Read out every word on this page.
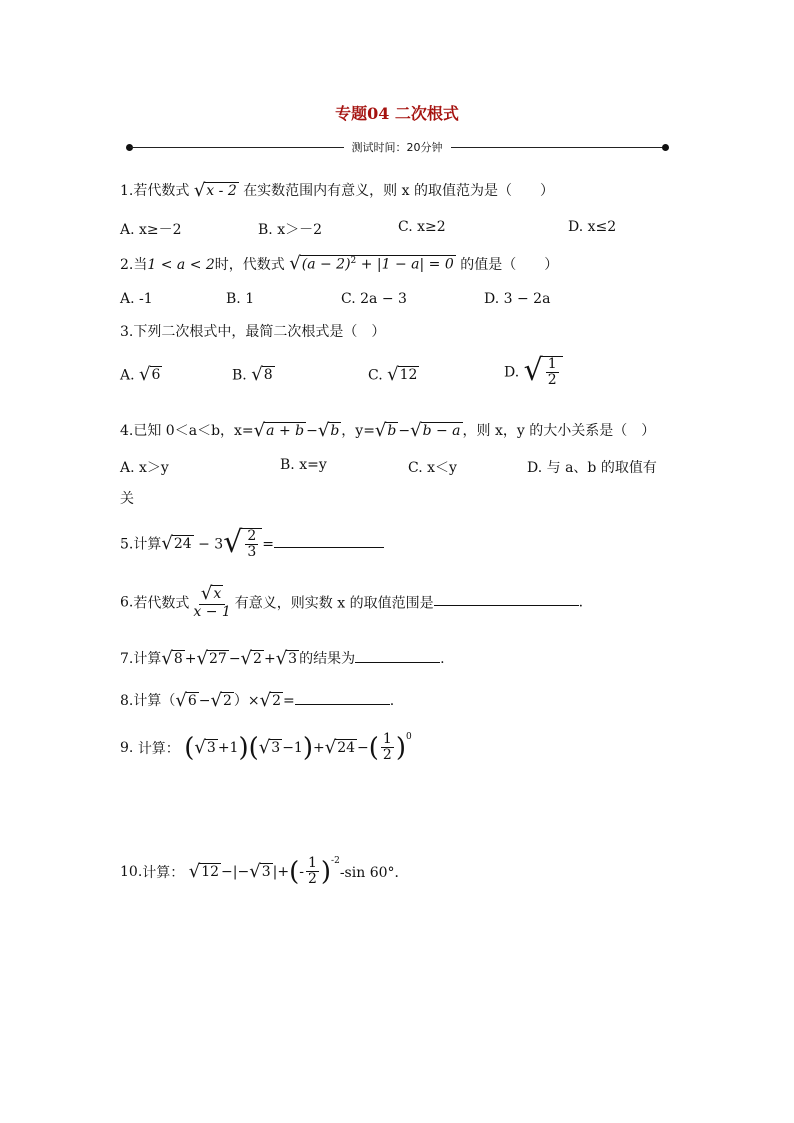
专题04 二次根式
测试时间：20分钟
1.若代数式 √ x - 2 在实数范围内有意义，则 x 的取值范为是（　　）
A. x≥－2	B. x＞－2	C. x≥2	D. x≤2
2.当1 < a < 2时，代数式 √ $(a - 2)^2 + |1 - a| = 0$ 的值是（　　）
A. -1	B. 1	C. 2a − 3	D. 3 − 2a
3.下列二次根式中，最简二次根式是（　）
A. √ 6	B. √ 8	C. √ 12	D. √ $\frac{1}{2}$
4.已知 0＜a＜b，x= √ a + b − √ b ，y= √ b − √ b − a ，则 x，y 的大小关系是（　）
A. x＞y	B. x=y	C. x＜y	D. 与 a、b 的取值有
关
5.计算 √ 24 − 3 √ $\frac{2}{3}$ =
6.若代数式 $\frac{√ x}{x - 1}$ 有意义，则实数 x 的取值范围是	.
7.计算 √ 8 + √ 27 − √ 2 + √ 3 的结果为	.
8.计算（ √ 6 − √ 2 ）× √ 2 =	.
9. 计算： ( √ 3 +1)( √ 3 −1)+ √ 24 −( $\frac{1}{2} )^0$
10.计算： √ 12 −|− √ 3 |+(- $\frac{1}{2} )^{-2}-\sin$ 60°．
